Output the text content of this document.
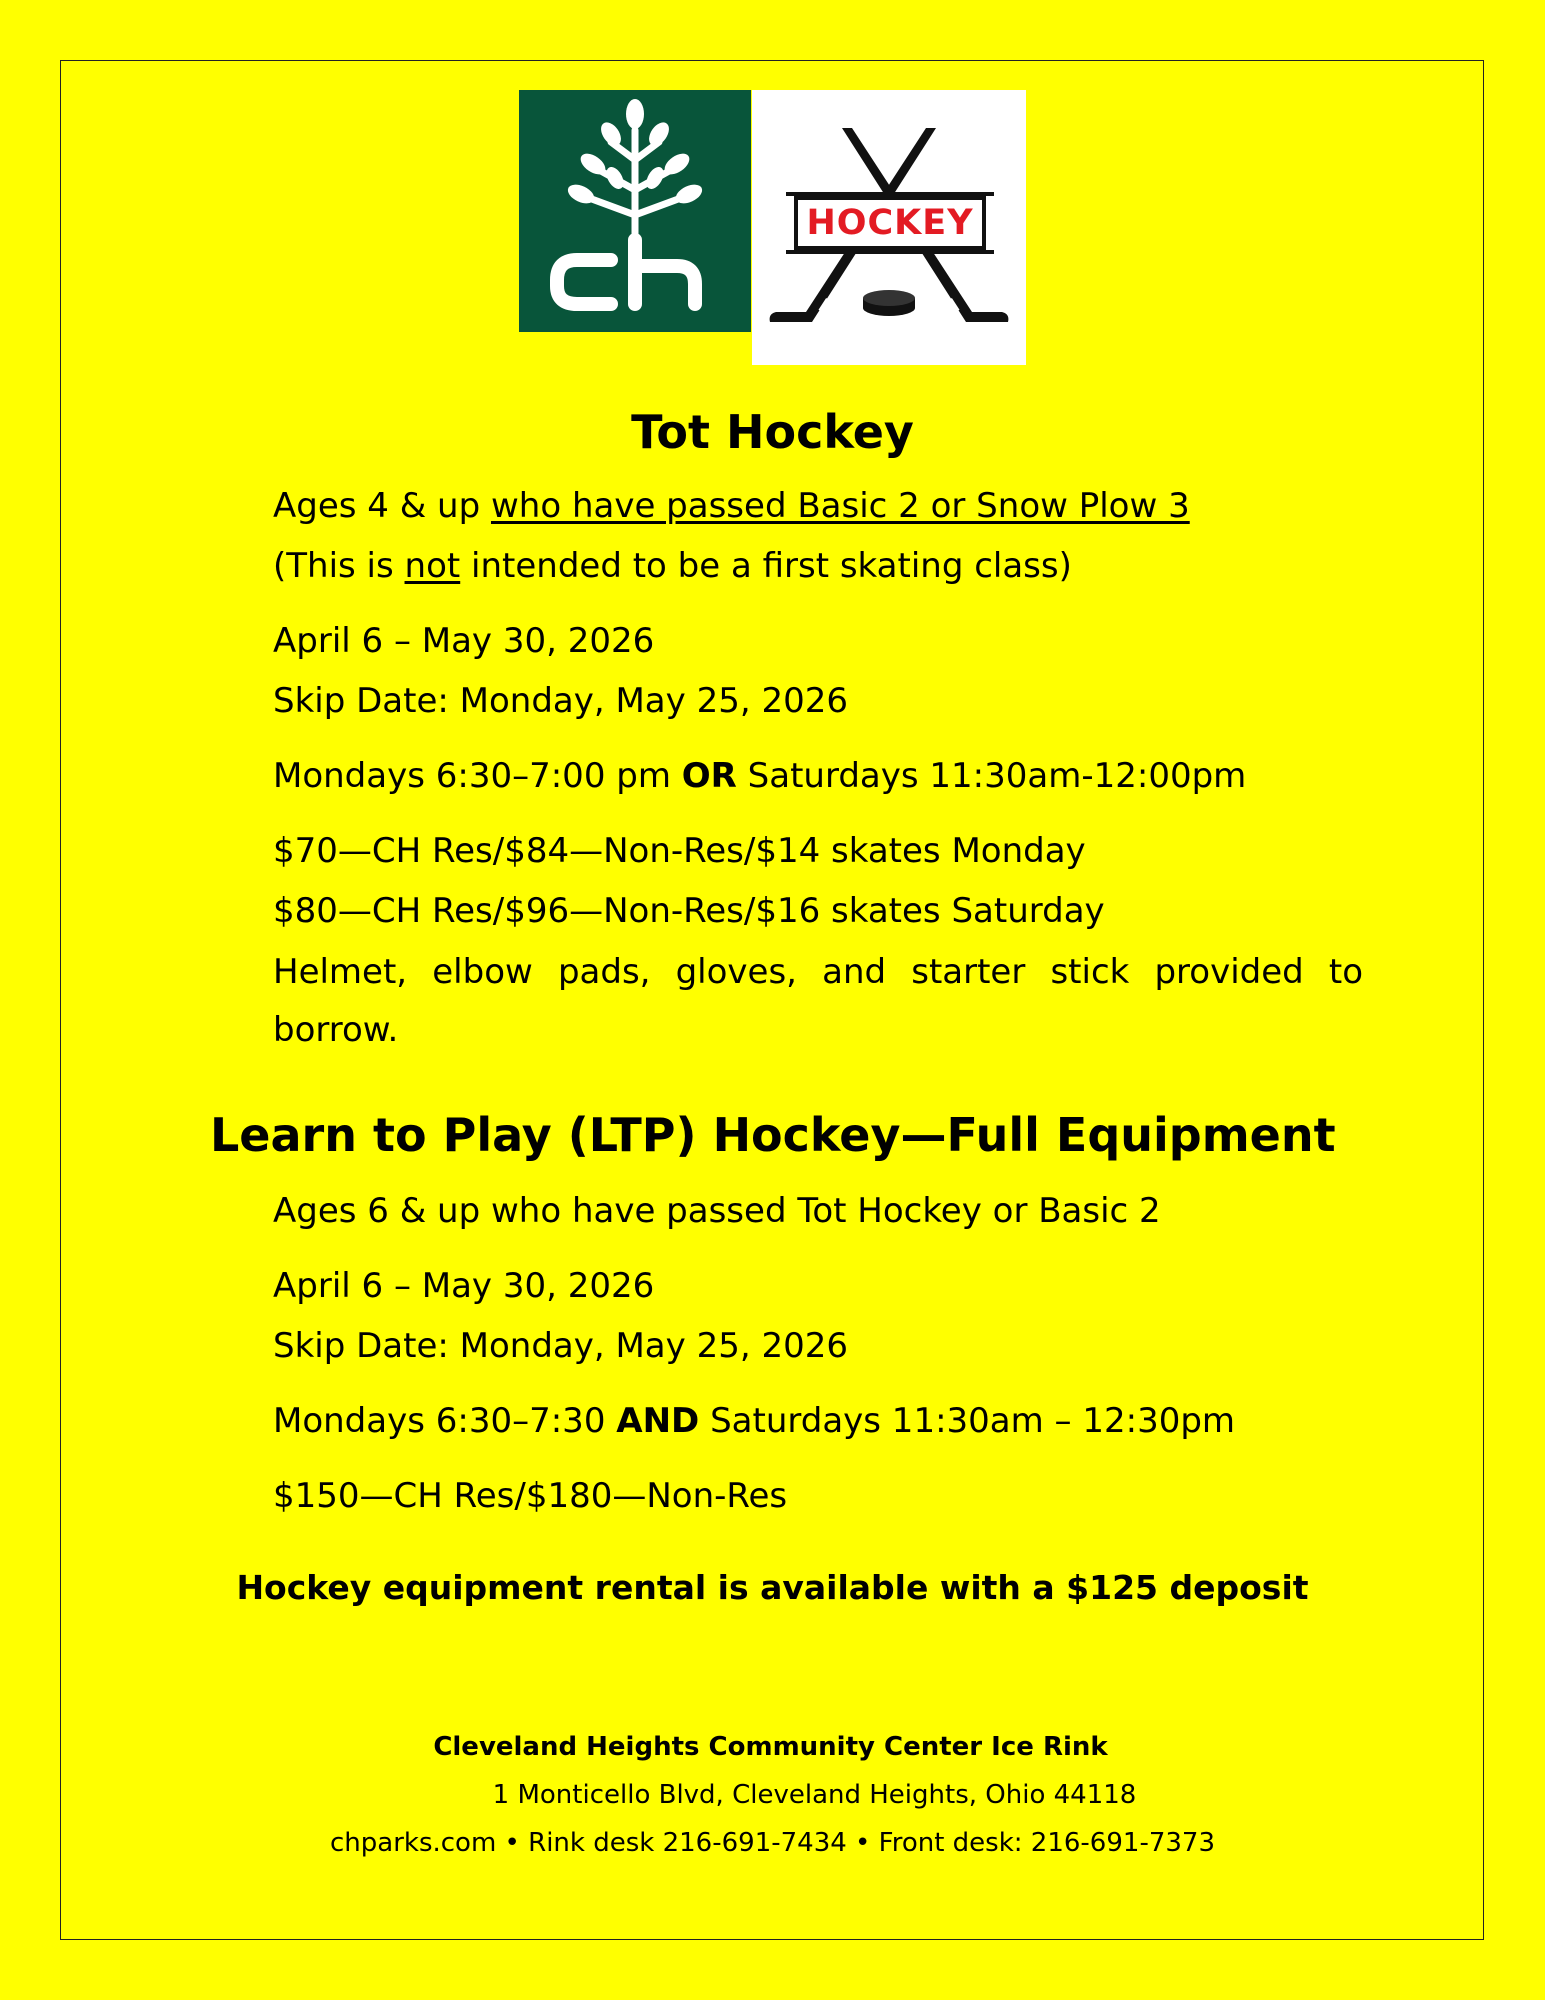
HOCKEY
Tot Hockey
Ages 4 & up who have passed Basic 2 or Snow Plow 3
(This is not intended to be a first skating class)
April 6 – May 30, 2026
Skip Date: Monday, May 25, 2026
Mondays 6:30–7:00 pm OR Saturdays 11:30am-12:00pm
$70—CH Res/$84—Non-Res/$14 skates Monday
$80—CH Res/$96—Non-Res/$16 skates Saturday
Helmet, elbow pads, gloves, and starter stick provided to borrow.
Learn to Play (LTP) Hockey—Full Equipment
Ages 6 & up who have passed Tot Hockey or Basic 2
April 6 – May 30, 2026
Skip Date: Monday, May 25, 2026
Mondays 6:30–7:30 AND Saturdays 11:30am – 12:30pm
$150—CH Res/$180—Non-Res
Hockey equipment rental is available with a $125 deposit
Cleveland Heights Community Center Ice Rink
1 Monticello Blvd, Cleveland Heights, Ohio 44118
chparks.com • Rink desk 216-691-7434 • Front desk: 216-691-7373
